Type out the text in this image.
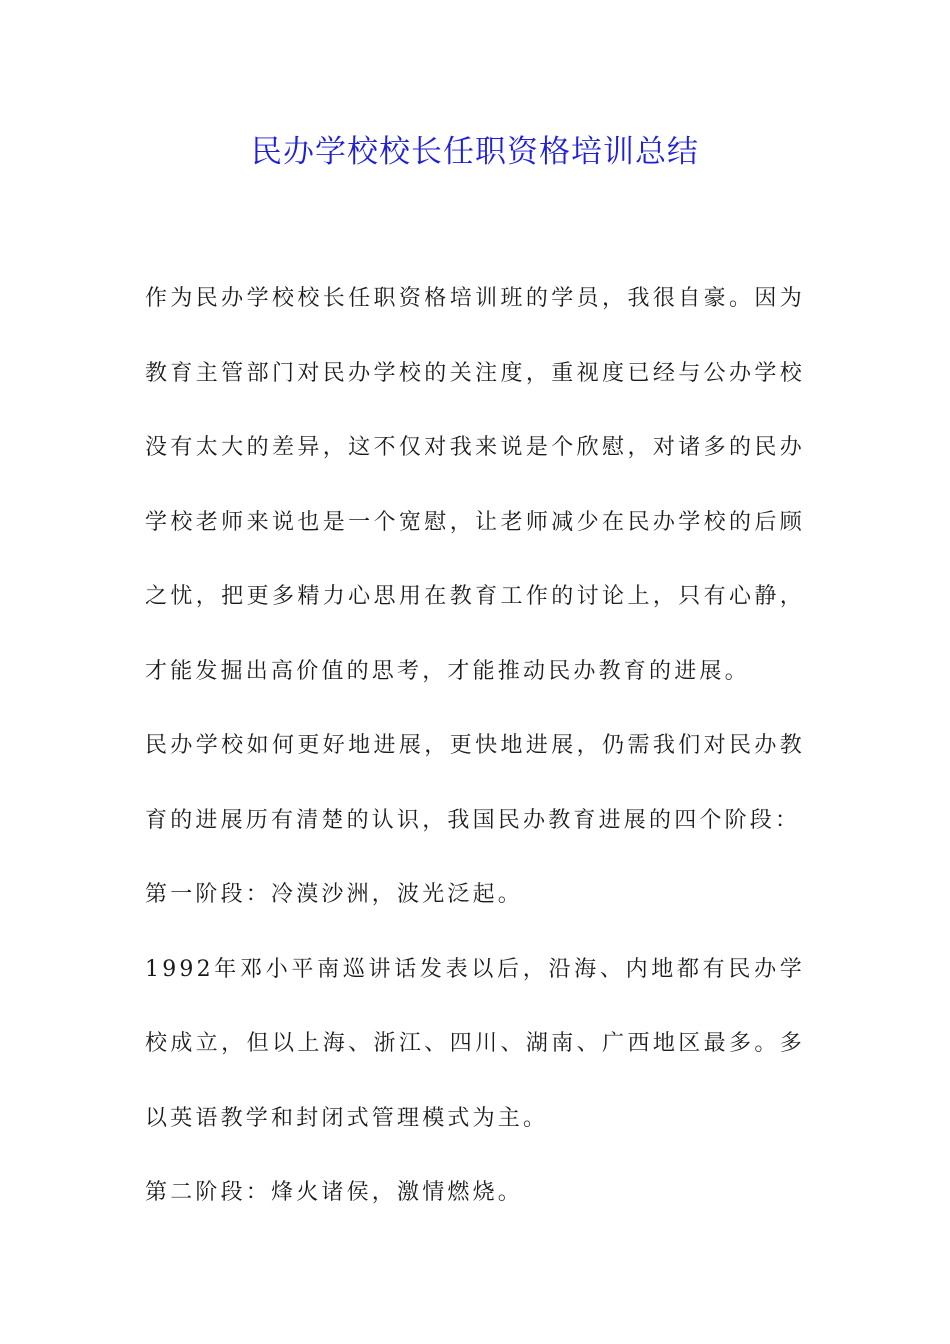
民办学校校长任职资格培训总结

作为民办学校校长任职资格培训班的学员，我很自豪。因为教育主管部门对民办学校的关注度，重视度已经与公办学校没有太大的差异，这不仅对我来说是个欣慰，对诸多的民办学校老师来说也是一个宽慰，让老师减少在民办学校的后顾之忧，把更多精力心思用在教育工作的讨论上，只有心静，才能发掘出高价值的思考，才能推动民办教育的进展。

民办学校如何更好地进展，更快地进展，仍需我们对民办教育的进展历有清楚的认识，我国民办教育进展的四个阶段：

第一阶段：冷漠沙洲，波光泛起。

1992年邓小平南巡讲话发表以后，沿海、内地都有民办学校成立，但以上海、浙江、四川、湖南、广西地区最多。多以英语教学和封闭式管理模式为主。

第二阶段：烽火诸侯，激情燃烧。
